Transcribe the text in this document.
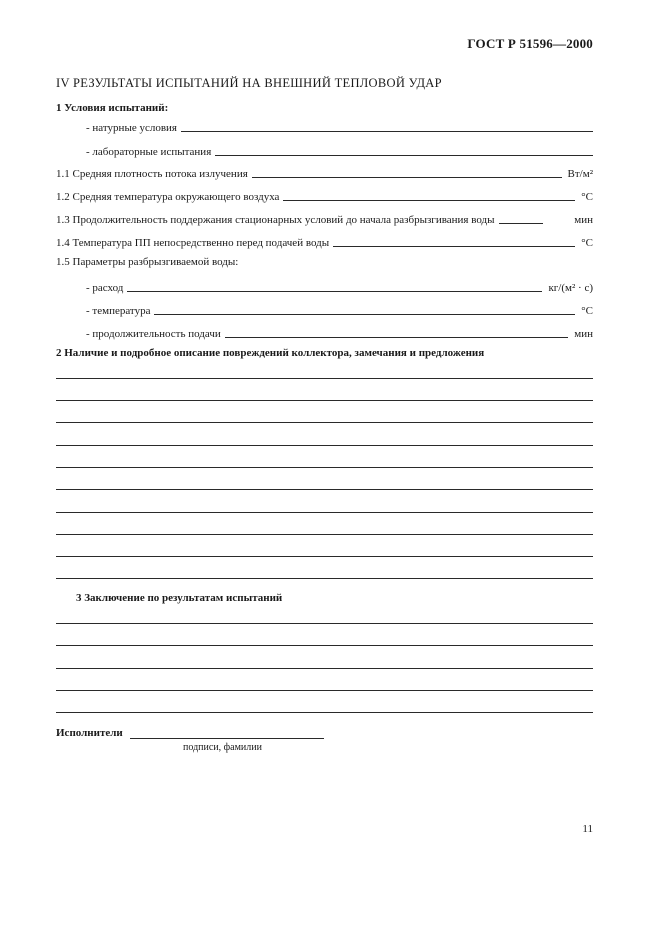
ГОСТ Р 51596—2000
IV РЕЗУЛЬТАТЫ ИСПЫТАНИЙ НА ВНЕШНИЙ ТЕПЛОВОЙ УДАР
1 Условия испытаний:
- натурные условия
- лабораторные испытания
1.1 Средняя плотность потока излучения	Вт/м²
1.2 Средняя температура окружающего воздуха	°С
1.3 Продолжительность поддержания стационарных условий до начала разбрызгивания воды	мин
1.4 Температура ПП непосредственно перед подачей воды	°С
1.5 Параметры разбрызгиваемой воды:
- расход	кг/(м² · с)
- температура	°С
- продолжительность подачи	мин
2 Наличие и подробное описание повреждений коллектора, замечания и предложения
3 Заключение по результатам испытаний
Исполнители
подписи, фамилии
11
